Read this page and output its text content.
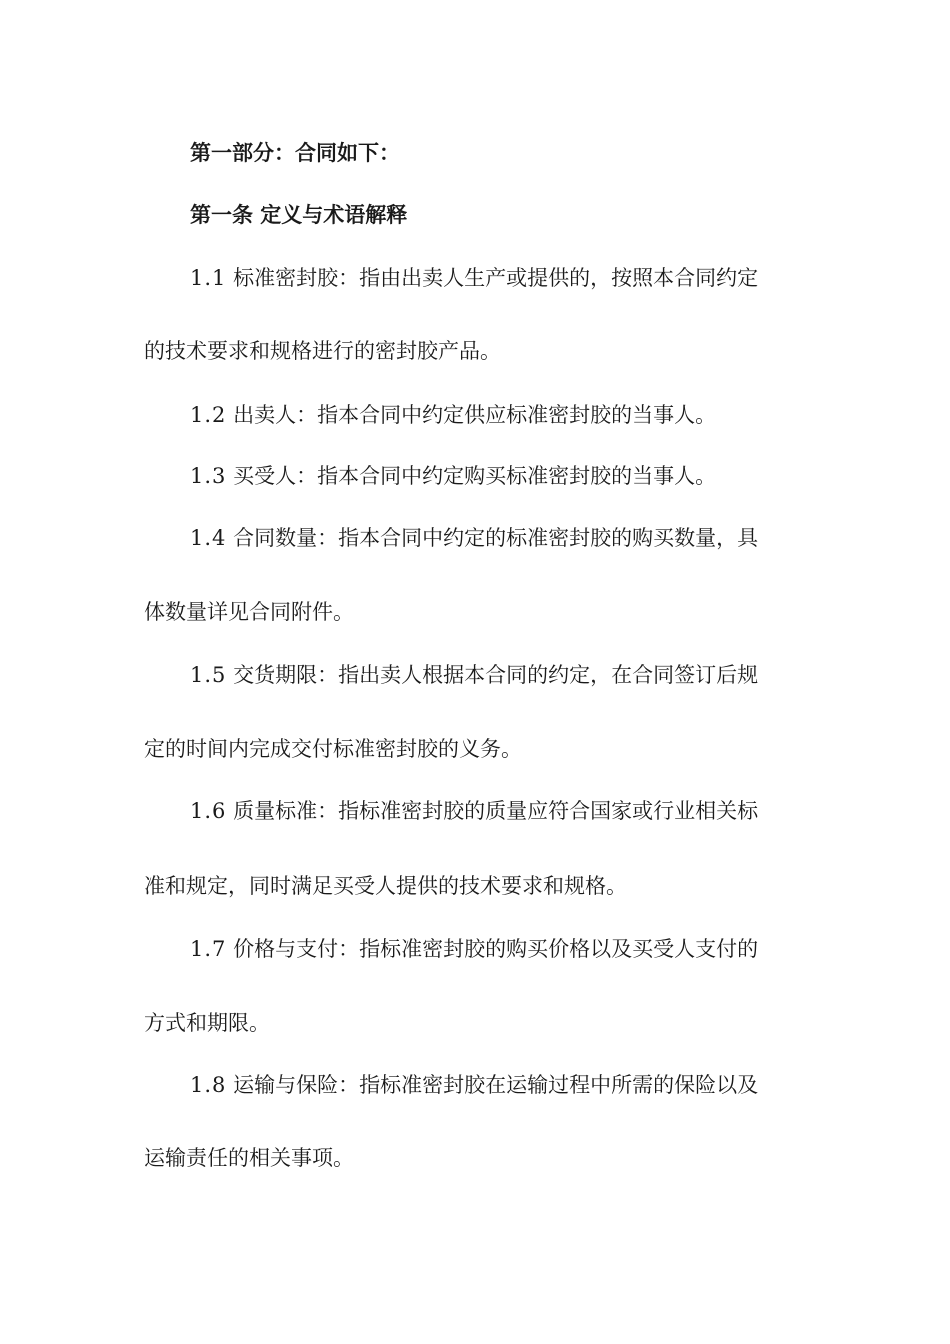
第一部分：合同如下：

第一条 定义与术语解释

1.1 标准密封胶：指由出卖人生产或提供的，按照本合同约定

的技术要求和规格进行的密封胶产品。

1.2 出卖人：指本合同中约定供应标准密封胶的当事人。

1.3 买受人：指本合同中约定购买标准密封胶的当事人。

1.4 合同数量：指本合同中约定的标准密封胶的购买数量，具

体数量详见合同附件。

1.5 交货期限：指出卖人根据本合同的约定，在合同签订后规

定的时间内完成交付标准密封胶的义务。

1.6 质量标准：指标准密封胶的质量应符合国家或行业相关标

准和规定，同时满足买受人提供的技术要求和规格。

1.7 价格与支付：指标准密封胶的购买价格以及买受人支付的

方式和期限。

1.8 运输与保险：指标准密封胶在运输过程中所需的保险以及

运输责任的相关事项。
